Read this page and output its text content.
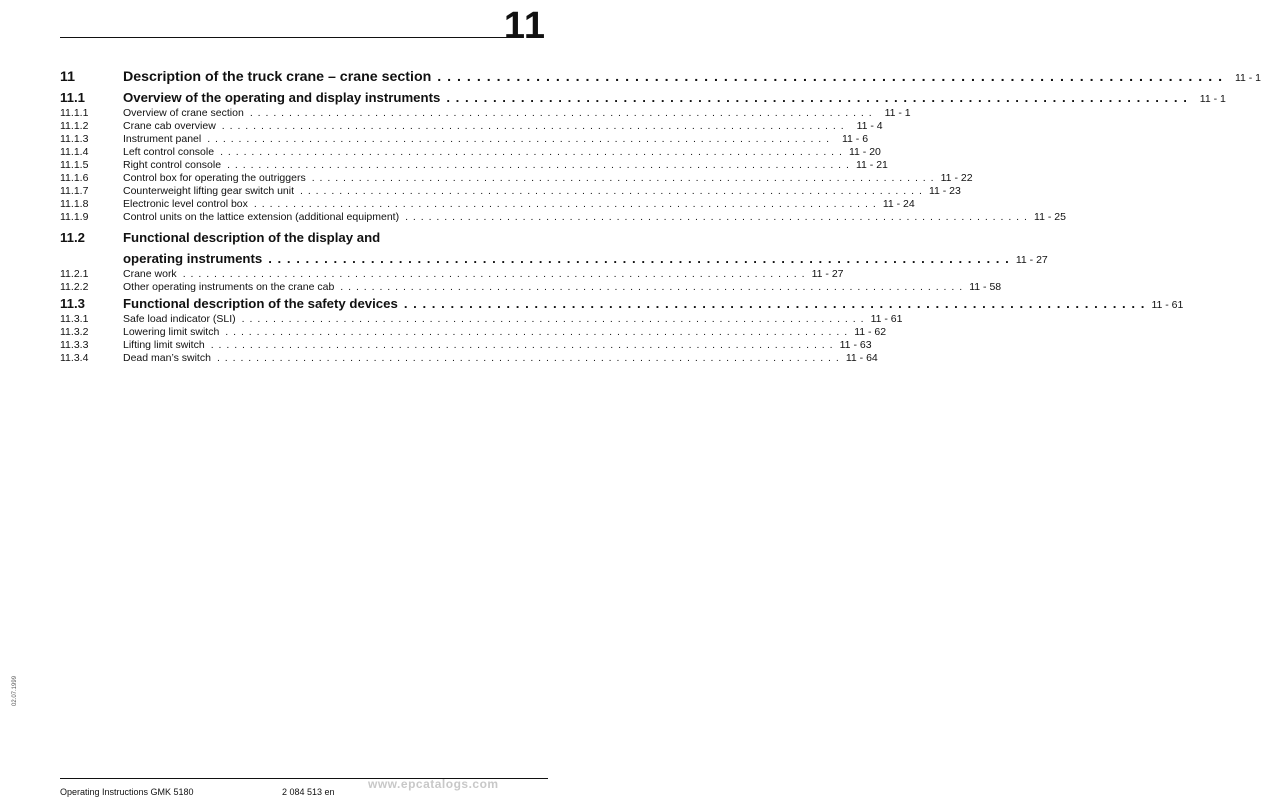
11
11	Description of the truck crane – crane section . . . . . . . . . . . . . . . . . . . . . . . . . . . . . . . . . . . . . . . . . . . . . . . . . . . . . . . . . . . . . . . . . . . . . . . . . . . . . . . .	11 - 1
11.1	Overview of the operating and display instruments . . . . . . . . . . . . . . . . . . . . . . . . . . . . . . . . . . . . . . . . . . . . . . . . . . . . . . . . . . . . . . . . . . . . . . . . . . . . . . . .	11 - 1
11.1.1	Overview of crane section . . . . . . . . . . . . . . . . . . . . . . . . . . . . . . . . . . . . . . . . . . . . . . . . . . . . . . . . . . . . . . . . . . . . . . . . . . . . . . . .	11 - 1
11.1.2	Crane cab overview . . . . . . . . . . . . . . . . . . . . . . . . . . . . . . . . . . . . . . . . . . . . . . . . . . . . . . . . . . . . . . . . . . . . . . . . . . . . . . . .	11 - 4
11.1.3	Instrument panel . . . . . . . . . . . . . . . . . . . . . . . . . . . . . . . . . . . . . . . . . . . . . . . . . . . . . . . . . . . . . . . . . . . . . . . . . . . . . . . .	11 - 6
11.1.4	Left control console . . . . . . . . . . . . . . . . . . . . . . . . . . . . . . . . . . . . . . . . . . . . . . . . . . . . . . . . . . . . . . . . . . . . . . . . . . . . . . . . 11 - 20
11.1.5	Right control console . . . . . . . . . . . . . . . . . . . . . . . . . . . . . . . . . . . . . . . . . . . . . . . . . . . . . . . . . . . . . . . . . . . . . . . . . . . . . . . . 11 - 21
11.1.6	Control box for operating the outriggers . . . . . . . . . . . . . . . . . . . . . . . . . . . . . . . . . . . . . . . . . . . . . . . . . . . . . . . . . . . . . . . . . . . . . . . . . . . . . . . . 11 - 22
11.1.7	Counterweight lifting gear switch unit . . . . . . . . . . . . . . . . . . . . . . . . . . . . . . . . . . . . . . . . . . . . . . . . . . . . . . . . . . . . . . . . . . . . . . . . . . . . . . . . 11 - 23
11.1.8	Electronic level control box . . . . . . . . . . . . . . . . . . . . . . . . . . . . . . . . . . . . . . . . . . . . . . . . . . . . . . . . . . . . . . . . . . . . . . . . . . . . . . . . 11 - 24
11.1.9	Control units on the lattice extension (additional equipment) . . . . . . . . . . . . . . . . . . . . . . . . . . . . . . . . . . . . . . . . . . . . . . . . . . . . . . . . . . . . . . . . . . . . . . . . . . . . . . . . 11 - 25
11.2	Functional description of the display and
operating instruments . . . . . . . . . . . . . . . . . . . . . . . . . . . . . . . . . . . . . . . . . . . . . . . . . . . . . . . . . . . . . . . . . . . . . . . . . . . . . . . . 11 - 27
11.2.1	Crane work . . . . . . . . . . . . . . . . . . . . . . . . . . . . . . . . . . . . . . . . . . . . . . . . . . . . . . . . . . . . . . . . . . . . . . . . . . . . . . . . 11 - 27
11.2.2	Other operating instruments on the crane cab . . . . . . . . . . . . . . . . . . . . . . . . . . . . . . . . . . . . . . . . . . . . . . . . . . . . . . . . . . . . . . . . . . . . . . . . . . . . . . . . 11 - 58
11.3	Functional description of the safety devices . . . . . . . . . . . . . . . . . . . . . . . . . . . . . . . . . . . . . . . . . . . . . . . . . . . . . . . . . . . . . . . . . . . . . . . . . . . . . . . . 11 - 61
11.3.1	Safe load indicator (SLI) . . . . . . . . . . . . . . . . . . . . . . . . . . . . . . . . . . . . . . . . . . . . . . . . . . . . . . . . . . . . . . . . . . . . . . . . . . . . . . . . 11 - 61
11.3.2	Lowering limit switch . . . . . . . . . . . . . . . . . . . . . . . . . . . . . . . . . . . . . . . . . . . . . . . . . . . . . . . . . . . . . . . . . . . . . . . . . . . . . . . . 11 - 62
11.3.3	Lifting limit switch . . . . . . . . . . . . . . . . . . . . . . . . . . . . . . . . . . . . . . . . . . . . . . . . . . . . . . . . . . . . . . . . . . . . . . . . . . . . . . . . 11 - 63
11.3.4	Dead man’s switch . . . . . . . . . . . . . . . . . . . . . . . . . . . . . . . . . . . . . . . . . . . . . . . . . . . . . . . . . . . . . . . . . . . . . . . . . . . . . . . . 11 - 64
02.07.1999
Operating Instructions GMK 5180	2 084 513 en
www.epcatalogs.com
